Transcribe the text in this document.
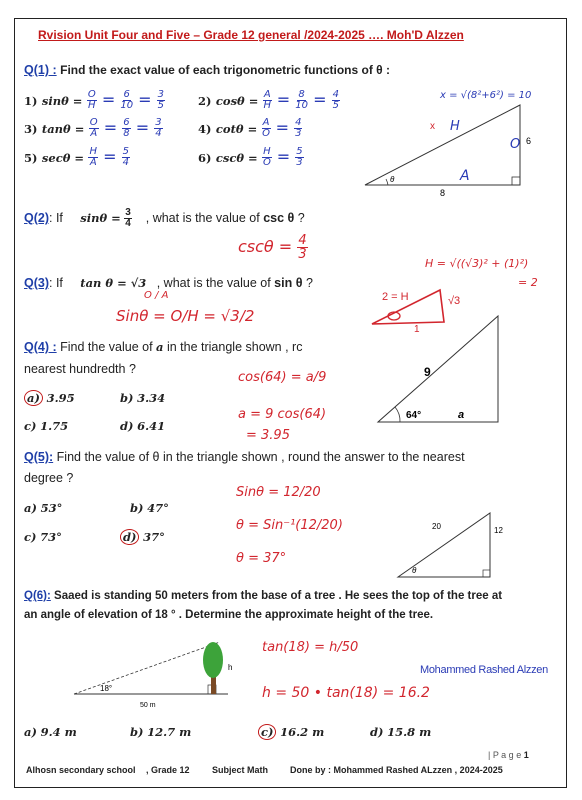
Rvision Unit Four and Five – Grade 12 general /2024-2025 …. Moh'D Alzzen
Q(1) : Find the exact value of each trigonometric functions of θ :
1) $\sin\theta = \frac{O}{H} = \frac{6}{10} = \frac{3}{5}$	2) $\cos\theta = \frac{A}{H} = \frac{8}{10} = \frac{4}{5}$
3) $\tan\theta = \frac{O}{A} = \frac{6}{8} = \frac{3}{4}$	4) $\cot\theta = \frac{A}{O} = \frac{4}{3}$
5) $\sec\theta = \frac{H}{A} = \frac{5}{4}$	6) $\csc\theta = \frac{H}{O} = \frac{5}{3}$
θ
6
8
O
A
H
x
x = √(8²+6²) = 10
Q(2): If $\sin\theta = \frac{3}{4}$ , what is the value of csc θ ?
$\csc\theta = \frac{4}{3}$
Q(3): If tan θ = √3 , what is the value of sin θ ?
O / A
Sinθ = O/H = √3/2
H = √((√3)² + (1)²)
= 2
2 = H	√3
1
Q(4) : Find the value of a in the triangle shown , rc
nearest hundredth ?
a) 3.95	b) 3.34
c) 1.75	d) 6.41
cos(64) = a/9
a = 9 cos(64)
= 3.95
9
64°	a
Q(5): Find the value of θ in the triangle shown , round the answer to the nearest
degree ?
a) 53°	b) 47°
c) 73°	d) 37°
Sinθ = 12/20
θ = Sin⁻¹(12/20)
θ = 37°
20	12
θ
Q(6): Saaed is standing 50 meters from the base of a tree . He sees the top of the tree at
an angle of elevation of 18 ° . Determine the approximate height of the tree.
h
18°
50 m
tan(18) = h/50
h = 50 • tan(18) = 16.2
Mohammed Rashed Alzzen
a) 9.4 m	b) 12.7 m	c) 16.2 m	d) 15.8 m
| P a g e 1
Alhosn secondary school , Grade 12 Subject Math Done by : Mohammed Rashed ALzzen , 2024-2025
